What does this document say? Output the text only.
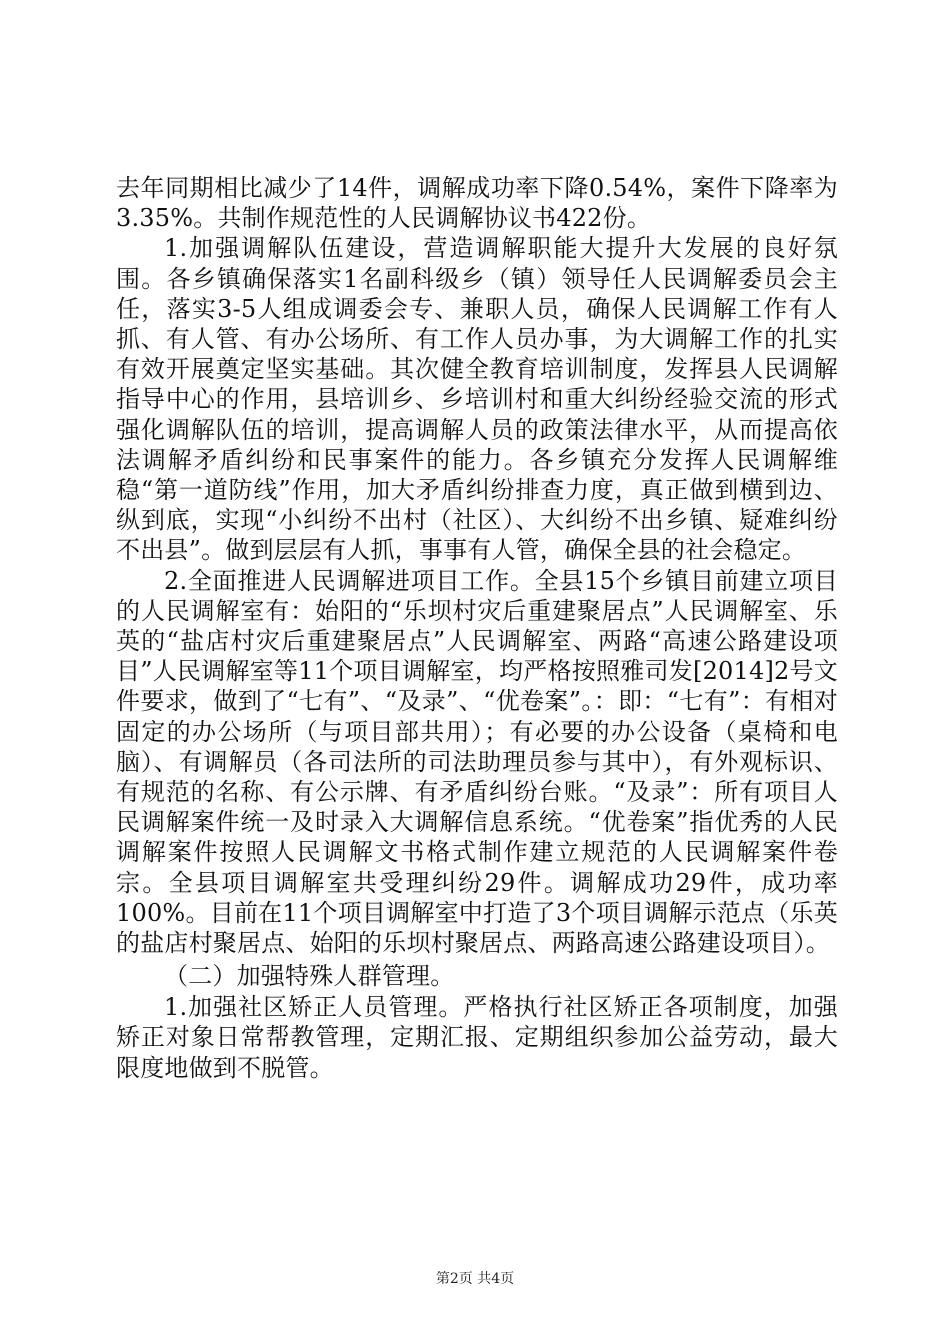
去年同期相比减少了14件，调解成功率下降0.54%，案件下降率为3.35%。共制作规范性的人民调解协议书422份。

1.加强调解队伍建设，营造调解职能大提升大发展的良好氛围。各乡镇确保落实1名副科级乡（镇）领导任人民调解委员会主任，落实3-5人组成调委会专、兼职人员，确保人民调解工作有人抓、有人管、有办公场所、有工作人员办事，为大调解工作的扎实有效开展奠定坚实基础。其次健全教育培训制度，发挥县人民调解指导中心的作用，县培训乡、乡培训村和重大纠纷经验交流的形式强化调解队伍的培训，提高调解人员的政策法律水平，从而提高依法调解矛盾纠纷和民事案件的能力。各乡镇充分发挥人民调解维稳“第一道防线”作用，加大矛盾纠纷排查力度，真正做到横到边、纵到底，实现“小纠纷不出村（社区）、大纠纷不出乡镇、疑难纠纷不出县”。做到层层有人抓，事事有人管，确保全县的社会稳定。

2.全面推进人民调解进项目工作。全县15个乡镇目前建立项目的人民调解室有：始阳的“乐坝村灾后重建聚居点”人民调解室、乐英的“盐店村灾后重建聚居点”人民调解室、两路“高速公路建设项目”人民调解室等11个项目调解室，均严格按照雅司发[2014]2号文件要求，做到了“七有”、“及录”、“优卷案”。：即：“七有”：有相对固定的办公场所（与项目部共用）；有必要的办公设备（桌椅和电脑）、有调解员（各司法所的司法助理员参与其中），有外观标识、有规范的名称、有公示牌、有矛盾纠纷台账。“及录”：所有项目人民调解案件统一及时录入大调解信息系统。“优卷案”指优秀的人民调解案件按照人民调解文书格式制作建立规范的人民调解案件卷宗。全县项目调解室共受理纠纷29件。调解成功29件，成功率100%。目前在11个项目调解室中打造了3个项目调解示范点（乐英的盐店村聚居点、始阳的乐坝村聚居点、两路高速公路建设项目）。

（二）加强特殊人群管理。

1.加强社区矫正人员管理。严格执行社区矫正各项制度，加强矫正对象日常帮教管理，定期汇报、定期组织参加公益劳动，最大限度地做到不脱管。

第2页 共4页
